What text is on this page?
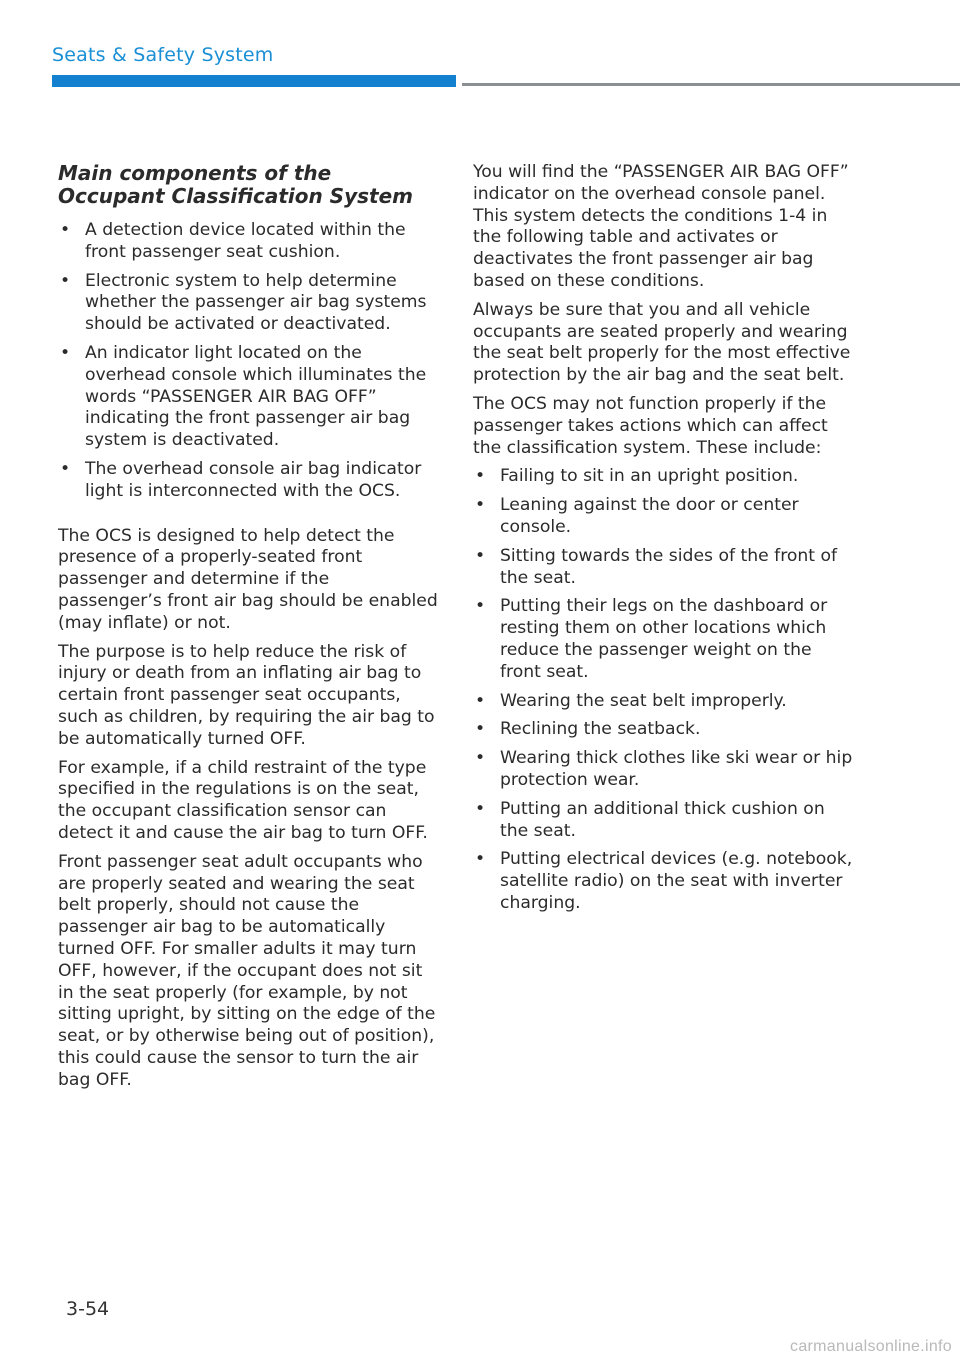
Seats & Safety System
Main components of the Occupant Classification System
• A detection device located within the front passenger seat cushion.
• Electronic system to help determine whether the passenger air bag systems should be activated or deactivated.
• An indicator light located on the overhead console which illuminates the words “PASSENGER AIR BAG OFF” indicating the front passenger air bag system is deactivated.
• The overhead console air bag indicator light is interconnected with the OCS.

The OCS is designed to help detect the presence of a properly-seated front passenger and determine if the passenger’s front air bag should be enabled (may inflate) or not.

The purpose is to help reduce the risk of injury or death from an inflating air bag to certain front passenger seat occupants, such as children, by requiring the air bag to be automatically turned OFF.

For example, if a child restraint of the type specified in the regulations is on the seat, the occupant classification sensor can detect it and cause the air bag to turn OFF.

Front passenger seat adult occupants who are properly seated and wearing the seat belt properly, should not cause the passenger air bag to be automatically turned OFF. For smaller adults it may turn OFF, however, if the occupant does not sit in the seat properly (for example, by not sitting upright, by sitting on the edge of the seat, or by otherwise being out of position), this could cause the sensor to turn the air bag OFF.

You will find the “PASSENGER AIR BAG OFF” indicator on the overhead console panel. This system detects the conditions 1-4 in the following table and activates or deactivates the front passenger air bag based on these conditions.

Always be sure that you and all vehicle occupants are seated properly and wearing the seat belt properly for the most effective protection by the air bag and the seat belt.

The OCS may not function properly if the passenger takes actions which can affect the classification system. These include:

• Failing to sit in an upright position.
• Leaning against the door or center console.
• Sitting towards the sides of the front of the seat.
• Putting their legs on the dashboard or resting them on other locations which reduce the passenger weight on the front seat.
• Wearing the seat belt improperly.
• Reclining the seatback.
• Wearing thick clothes like ski wear or hip protection wear.
• Putting an additional thick cushion on the seat.
• Putting electrical devices (e.g. notebook, satellite radio) on the seat with inverter charging.
3-54
carmanualsonline.info
